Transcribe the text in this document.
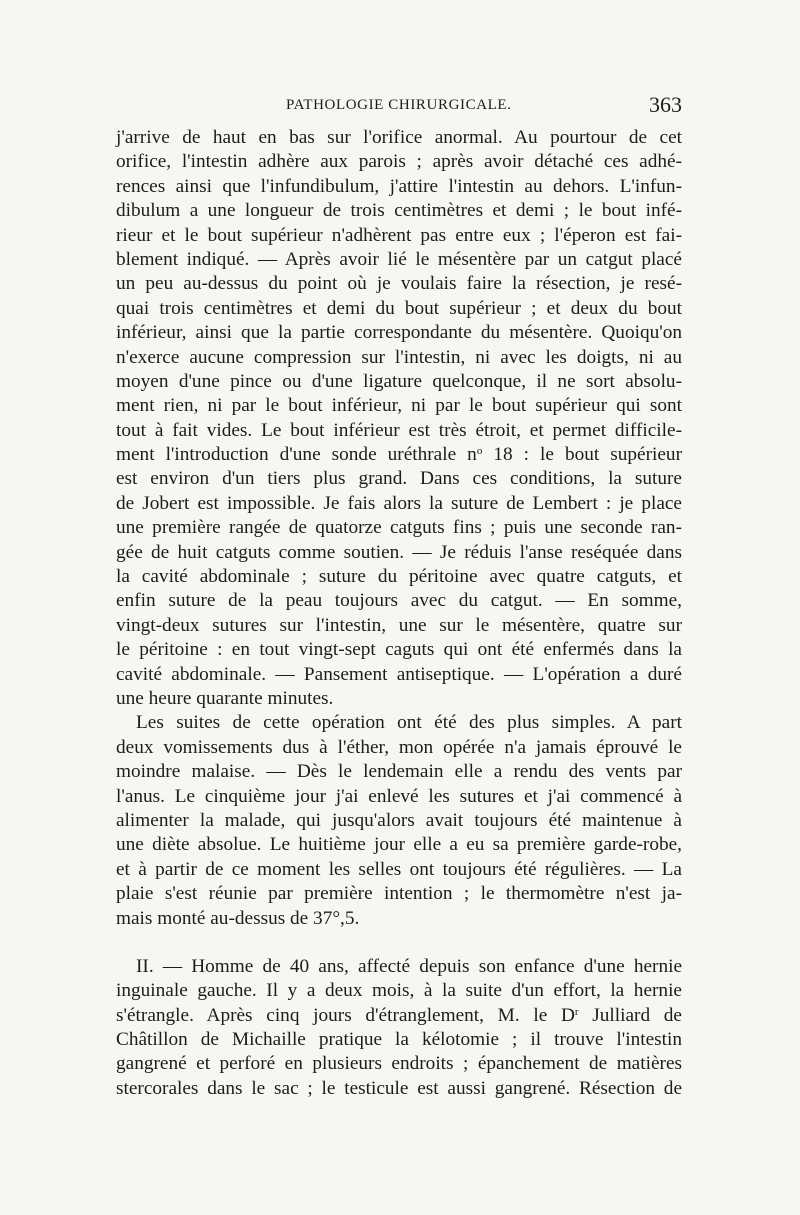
PATHOLOGIE CHIRURGICALE.	363
j'arrive de haut en bas sur l'orifice anormal. Au pourtour de cet
orifice, l'intestin adhère aux parois ; après avoir détaché ces adhé-
rences ainsi que l'infundibulum, j'attire l'intestin au dehors. L'infun-
dibulum a une longueur de trois centimètres et demi ; le bout infé-
rieur et le bout supérieur n'adhèrent pas entre eux ; l'éperon est fai-
blement indiqué. — Après avoir lié le mésentère par un catgut placé
un peu au-dessus du point où je voulais faire la résection, je resé-
quai trois centimètres et demi du bout supérieur ; et deux du bout
inférieur, ainsi que la partie correspondante du mésentère. Quoiqu'on
n'exerce aucune compression sur l'intestin, ni avec les doigts, ni au
moyen d'une pince ou d'une ligature quelconque, il ne sort absolu-
ment rien, ni par le bout inférieur, ni par le bout supérieur qui sont
tout à fait vides. Le bout inférieur est très étroit, et permet difficile-
ment l'introduction d'une sonde uréthrale $n^o$ 18 : le bout supérieur
est environ d'un tiers plus grand. Dans ces conditions, la suture
de Jobert est impossible. Je fais alors la suture de Lembert : je place
une première rangée de quatorze catguts fins ; puis une seconde ran-
gée de huit catguts comme soutien. — Je réduis l'anse reséquée dans
la cavité abdominale ; suture du péritoine avec quatre catguts, et
enfin suture de la peau toujours avec du catgut. — En somme,
vingt-deux sutures sur l'intestin, une sur le mésentère, quatre sur
le péritoine : en tout vingt-sept caguts qui ont été enfermés dans la
cavité abdominale. — Pansement antiseptique. — L'opération a duré
une heure quarante minutes.
Les suites de cette opération ont été des plus simples. A part
deux vomissements dus à l'éther, mon opérée n'a jamais éprouvé le
moindre malaise. — Dès le lendemain elle a rendu des vents par
l'anus. Le cinquième jour j'ai enlevé les sutures et j'ai commencé à
alimenter la malade, qui jusqu'alors avait toujours été maintenue à
une diète absolue. Le huitième jour elle a eu sa première garde-robe,
et à partir de ce moment les selles ont toujours été régulières. — La
plaie s'est réunie par première intention ; le thermomètre n'est ja-
mais monté au-dessus de 37°,5.
II. — Homme de 40 ans, affecté depuis son enfance d'une hernie
inguinale gauche. Il y a deux mois, à la suite d'un effort, la hernie
s'étrangle. Après cinq jours d'étranglement, M. le $D^r$ Julliard de
Châtillon de Michaille pratique la kélotomie ; il trouve l'intestin
gangrené et perforé en plusieurs endroits ; épanchement de matières
stercorales dans le sac ; le testicule est aussi gangrené. Résection de
